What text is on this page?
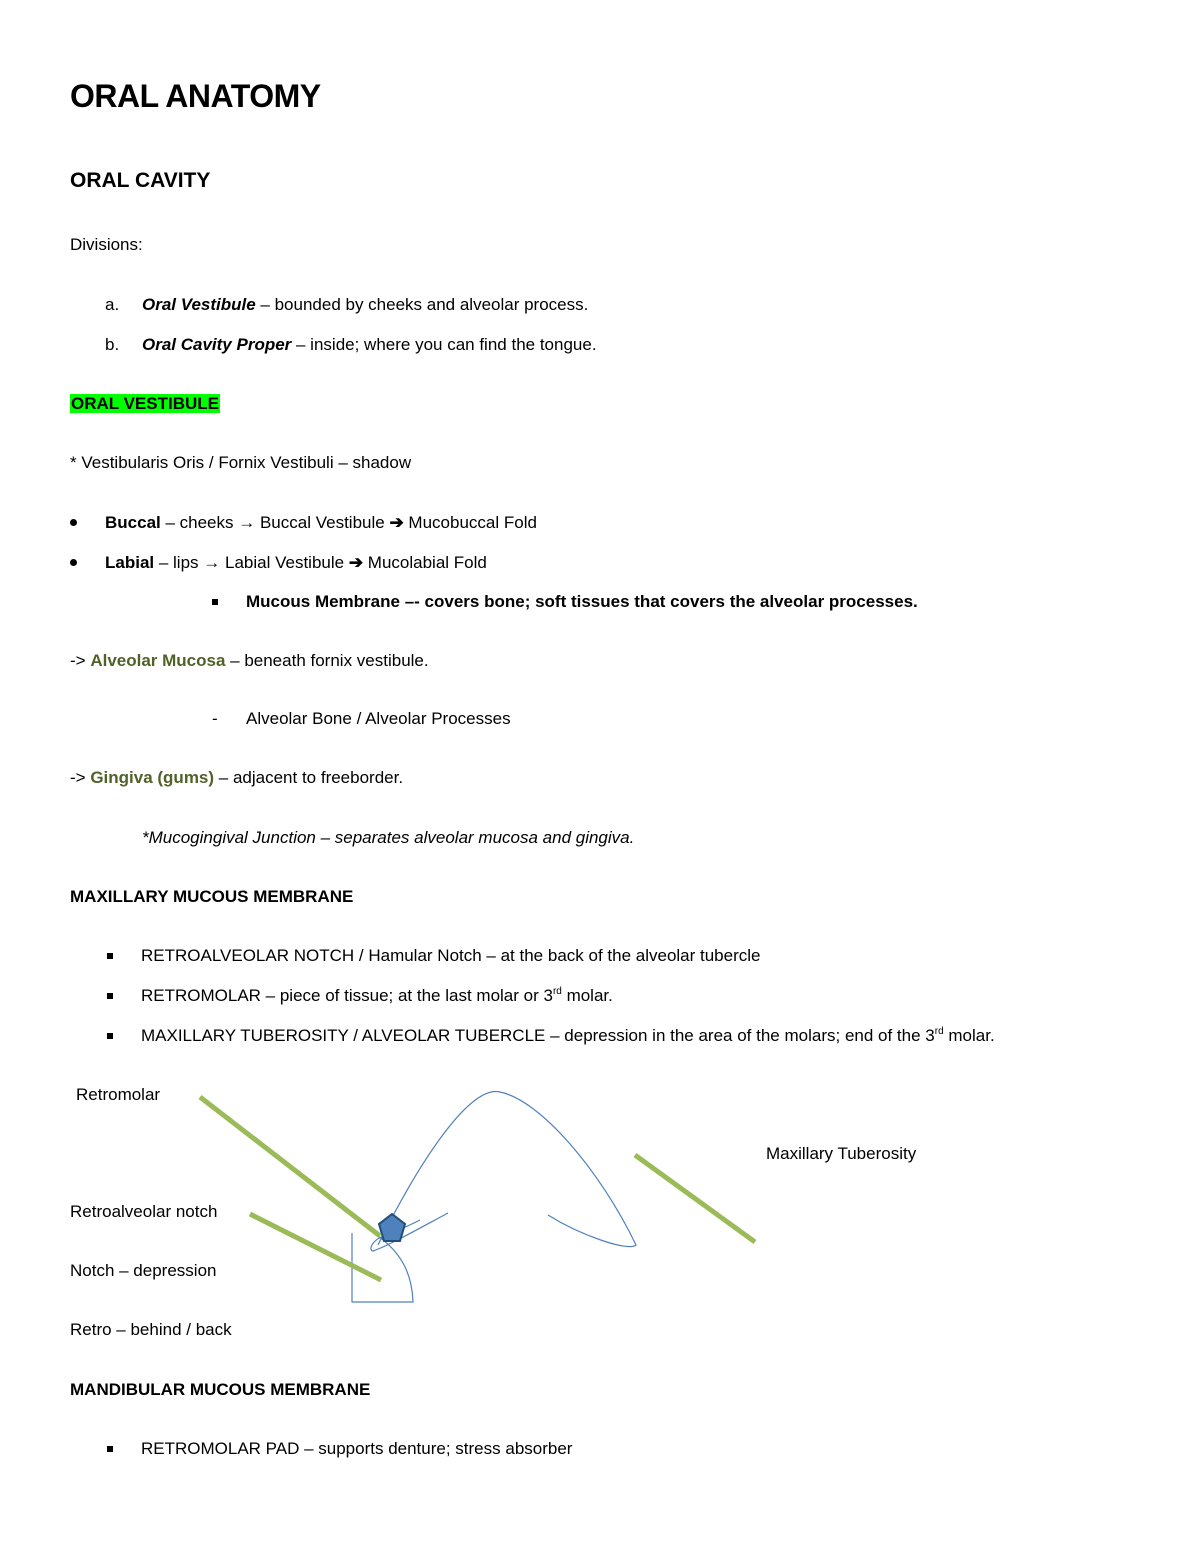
ORAL ANATOMY
ORAL CAVITY
Divisions:
a. Oral Vestibule – bounded by cheeks and alveolar process.
b. Oral Cavity Proper – inside; where you can find the tongue.
ORAL VESTIBULE
* Vestibularis Oris / Fornix Vestibuli – shadow
Buccal – cheeks → Buccal Vestibule ➔ Mucobuccal Fold
Labial – lips → Labial Vestibule ➔ Mucolabial Fold
Mucous Membrane –- covers bone; soft tissues that covers the alveolar processes.
-> Alveolar Mucosa – beneath fornix vestibule.
- Alveolar Bone / Alveolar Processes
-> Gingiva (gums) – adjacent to freeborder.
*Mucogingival Junction – separates alveolar mucosa and gingiva.
MAXILLARY MUCOUS MEMBRANE
RETROALVEOLAR NOTCH / Hamular Notch – at the back of the alveolar tubercle
RETROMOLAR – piece of tissue; at the last molar or 3rd molar.
MAXILLARY TUBEROSITY / ALVEOLAR TUBERCLE – depression in the area of the molars; end of the 3rd molar.
Retromolar
Maxillary Tuberosity
Retroalveolar notch
Notch – depression
Retro – behind / back
MANDIBULAR MUCOUS MEMBRANE
RETROMOLAR PAD – supports denture; stress absorber
